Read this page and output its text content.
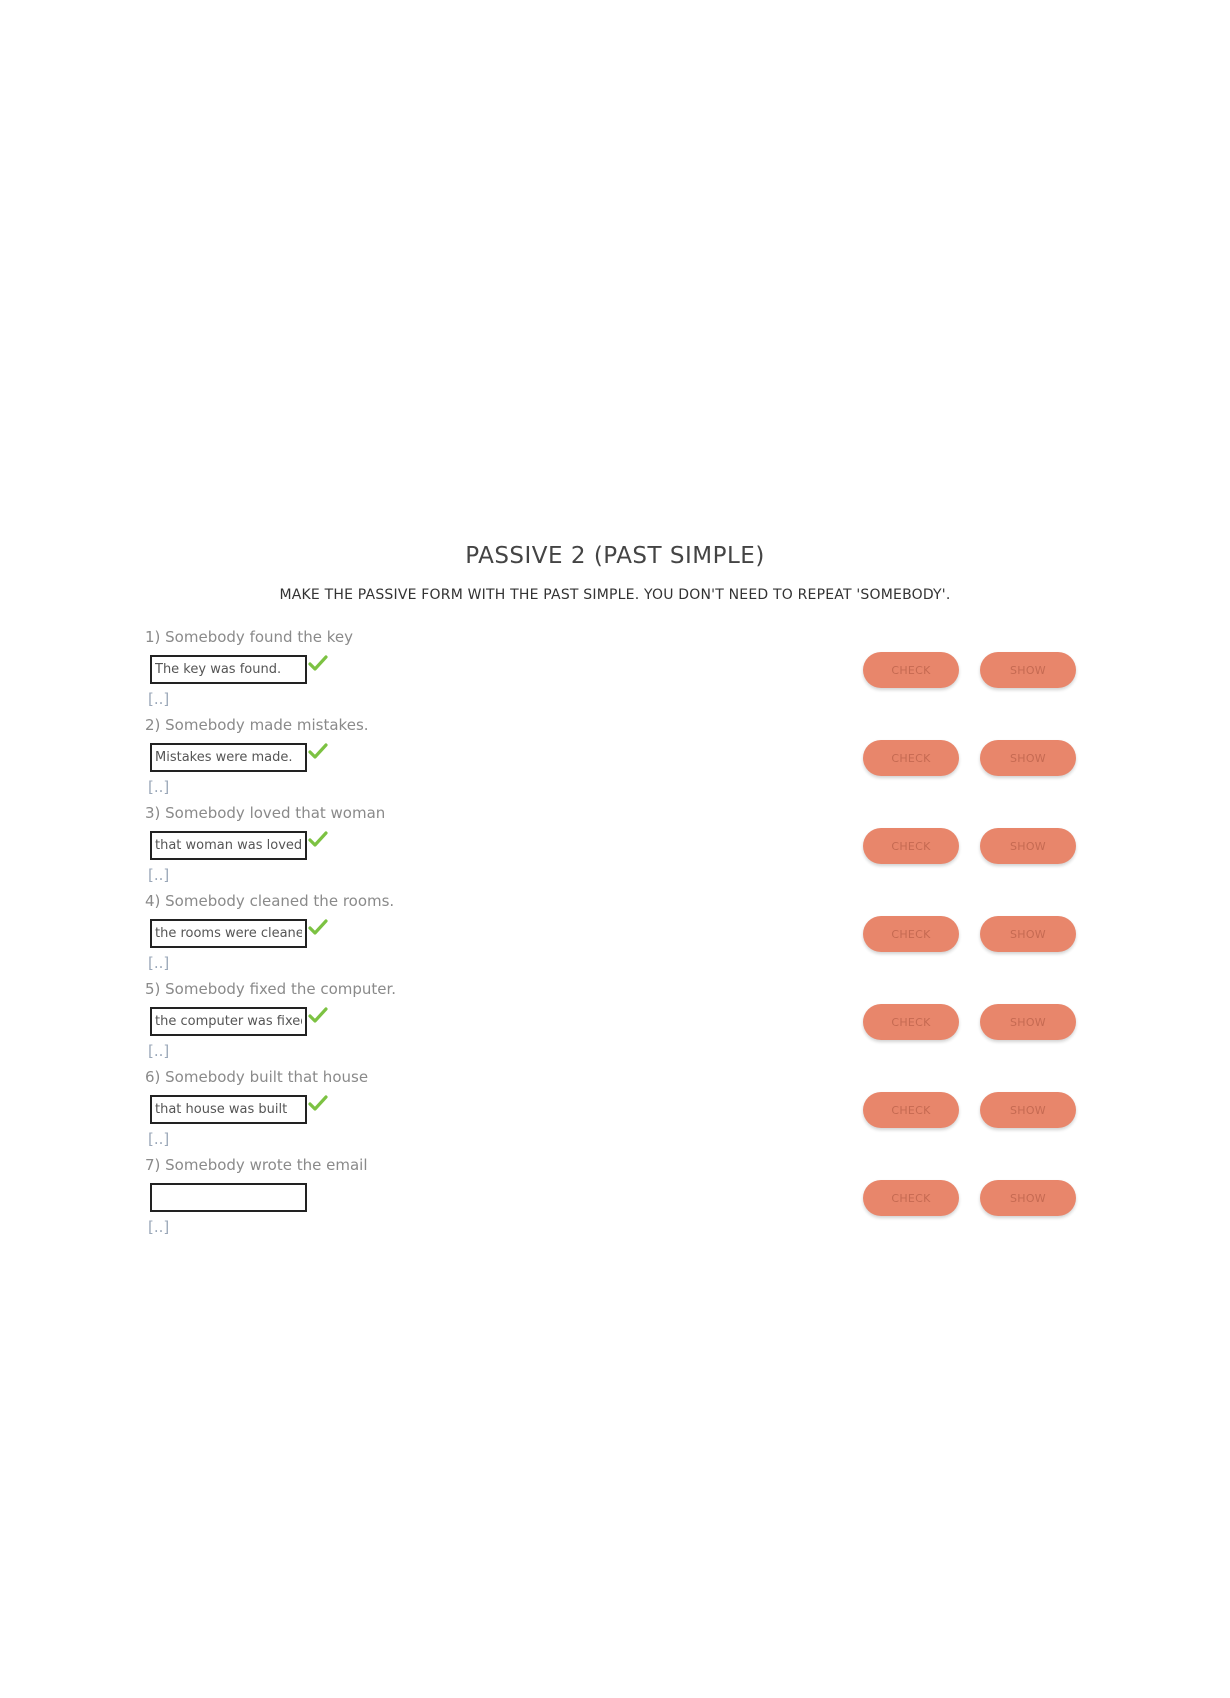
PASSIVE 2 (PAST SIMPLE)
MAKE THE PASSIVE FORM WITH THE PAST SIMPLE. YOU DON'T NEED TO REPEAT 'SOMEBODY'.
1) Somebody found the key
The key was found.
[..]
CHECK	SHOW
2) Somebody made mistakes.
Mistakes were made.
[..]
CHECK	SHOW
3) Somebody loved that woman
that woman was loved
[..]
CHECK	SHOW
4) Somebody cleaned the rooms.
the rooms were cleaned
[..]
CHECK	SHOW
5) Somebody fixed the computer.
the computer was fixed
[..]
CHECK	SHOW
6) Somebody built that house
that house was built
[..]
CHECK	SHOW
7) Somebody wrote the email
[..]
CHECK	SHOW
